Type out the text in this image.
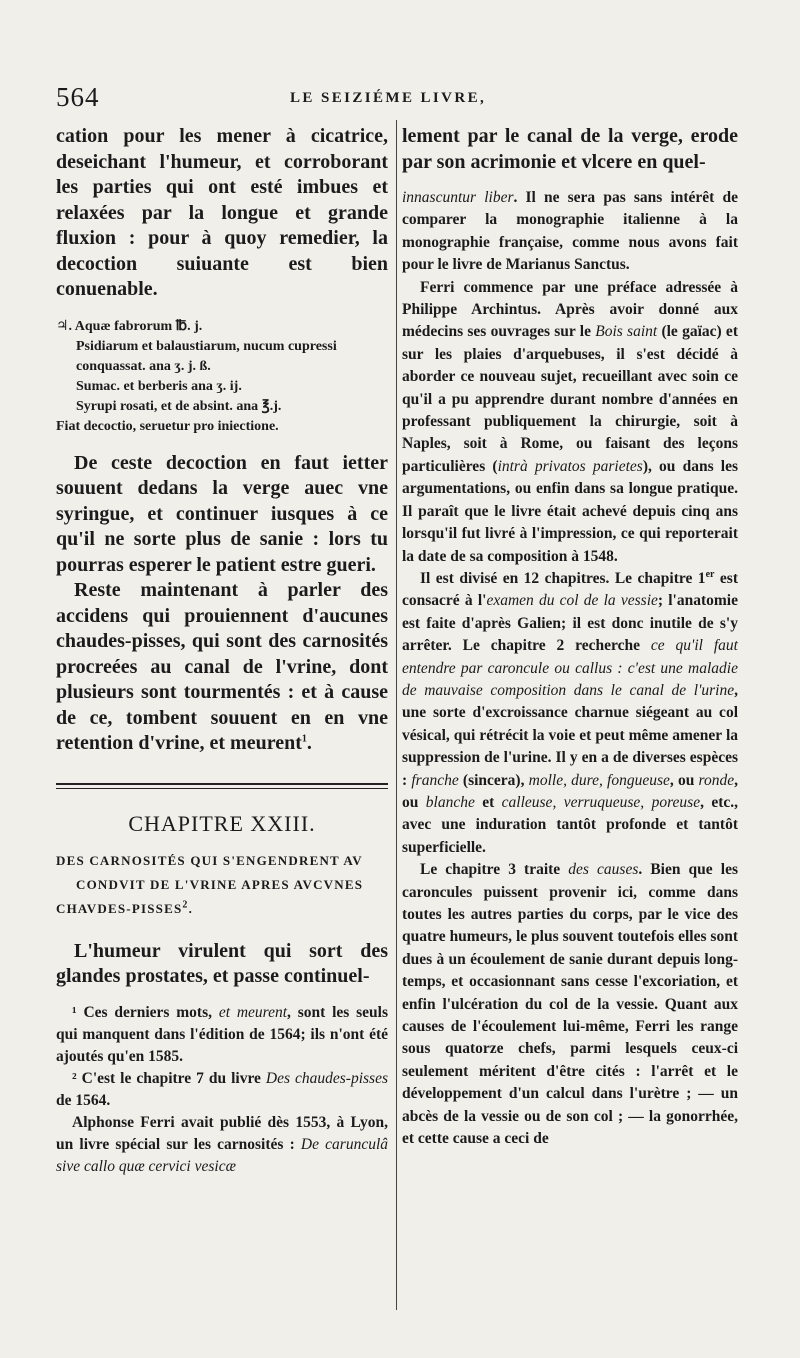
564	LE SEIZIÉME LIVRE,

cation pour les mener à cicatrice, deseichant l'humeur, et corroborant les parties qui ont esté imbues et relaxées par la longue et grande fluxion : pour à quoy remedier, la decoction suiuante est bien conuenable.

♃. Aquæ fabrorum ℔. j.
Psidiarum et balaustiarum, nucum cupressi conquassat. ana ʒ. j. ß.
Sumac. et berberis ana ʒ. ij.
Syrupi rosati, et de absint. ana ℥.j.
Fiat decoctio, seruetur pro iniectione.

De ceste decoction en faut ietter souuent dedans la verge auec vne syringue, et continuer iusques à ce qu'il ne sorte plus de sanie : lors tu pourras esperer le patient estre gueri.

Reste maintenant à parler des accidens qui prouiennent d'aucunes chaudes-pisses, qui sont des carnosités procreées au canal de l'vrine, dont plusieurs sont tourmentés : et à cause de ce, tombent souuent en en vne retention d'vrine, et meurent$^1$.

CHAPITRE XXIII.
DES CARNOSITÉS QUI S'ENGENDRENT AV
CONDVIT DE L'VRINE APRES AVCVNES
CHAVDES-PISSES$^2$.

L'humeur virulent qui sort des glandes prostates, et passe continuel-

¹ Ces derniers mots, et meurent, sont les seuls qui manquent dans l'édition de 1564; ils n'ont été ajoutés qu'en 1585.

² C'est le chapitre 7 du livre Des chaudes-pisses de 1564.

Alphonse Ferri avait publié dès 1553, à Lyon, un livre spécial sur les carnosités : De carunculâ sive callo quæ cervici vesicæ

lement par le canal de la verge, erode par son acrimonie et vlcere en quel-

innascuntur liber. Il ne sera pas sans intérêt de comparer la monographie italienne à la monographie française, comme nous avons fait pour le livre de Marianus Sanctus.

Ferri commence par une préface adressée à Philippe Archintus. Après avoir donné aux médecins ses ouvrages sur le Bois saint (le gaïac) et sur les plaies d'arquebuses, il s'est décidé à aborder ce nouveau sujet, recueillant avec soin ce qu'il a pu apprendre durant nombre d'années en professant publiquement la chirurgie, soit à Naples, soit à Rome, ou faisant des leçons particulières (intrà privatos parietes), ou dans les argumentations, ou enfin dans sa longue pratique. Il paraît que le livre était achevé depuis cinq ans lorsqu'il fut livré à l'impression, ce qui reporterait la date de sa composition à 1548.

Il est divisé en 12 chapitres. Le chapitre 1er est consacré à l'examen du col de la vessie; l'anatomie est faite d'après Galien; il est donc inutile de s'y arrêter. Le chapitre 2 recherche ce qu'il faut entendre par caroncule ou callus : c'est une maladie de mauvaise composition dans le canal de l'urine, une sorte d'excroissance charnue siégeant au col vésical, qui rétrécit la voie et peut même amener la suppression de l'urine. Il y en a de diverses espèces : franche (sincera), molle, dure, fongueuse, ou ronde, ou blanche et calleuse, verruqueuse, poreuse, etc., avec une induration tantôt profonde et tantôt superficielle.

Le chapitre 3 traite des causes. Bien que les caroncules puissent provenir ici, comme dans toutes les autres parties du corps, par le vice des quatre humeurs, le plus souvent toutefois elles sont dues à un écoulement de sanie durant depuis long-temps, et occasionnant sans cesse l'excoriation, et enfin l'ulcération du col de la vessie. Quant aux causes de l'écoulement lui-même, Ferri les range sous quatorze chefs, parmi lesquels ceux-ci seulement méritent d'être cités : l'arrêt et le développement d'un calcul dans l'urètre ; — un abcès de la vessie ou de son col ; — la gonorrhée, et cette cause a ceci de
